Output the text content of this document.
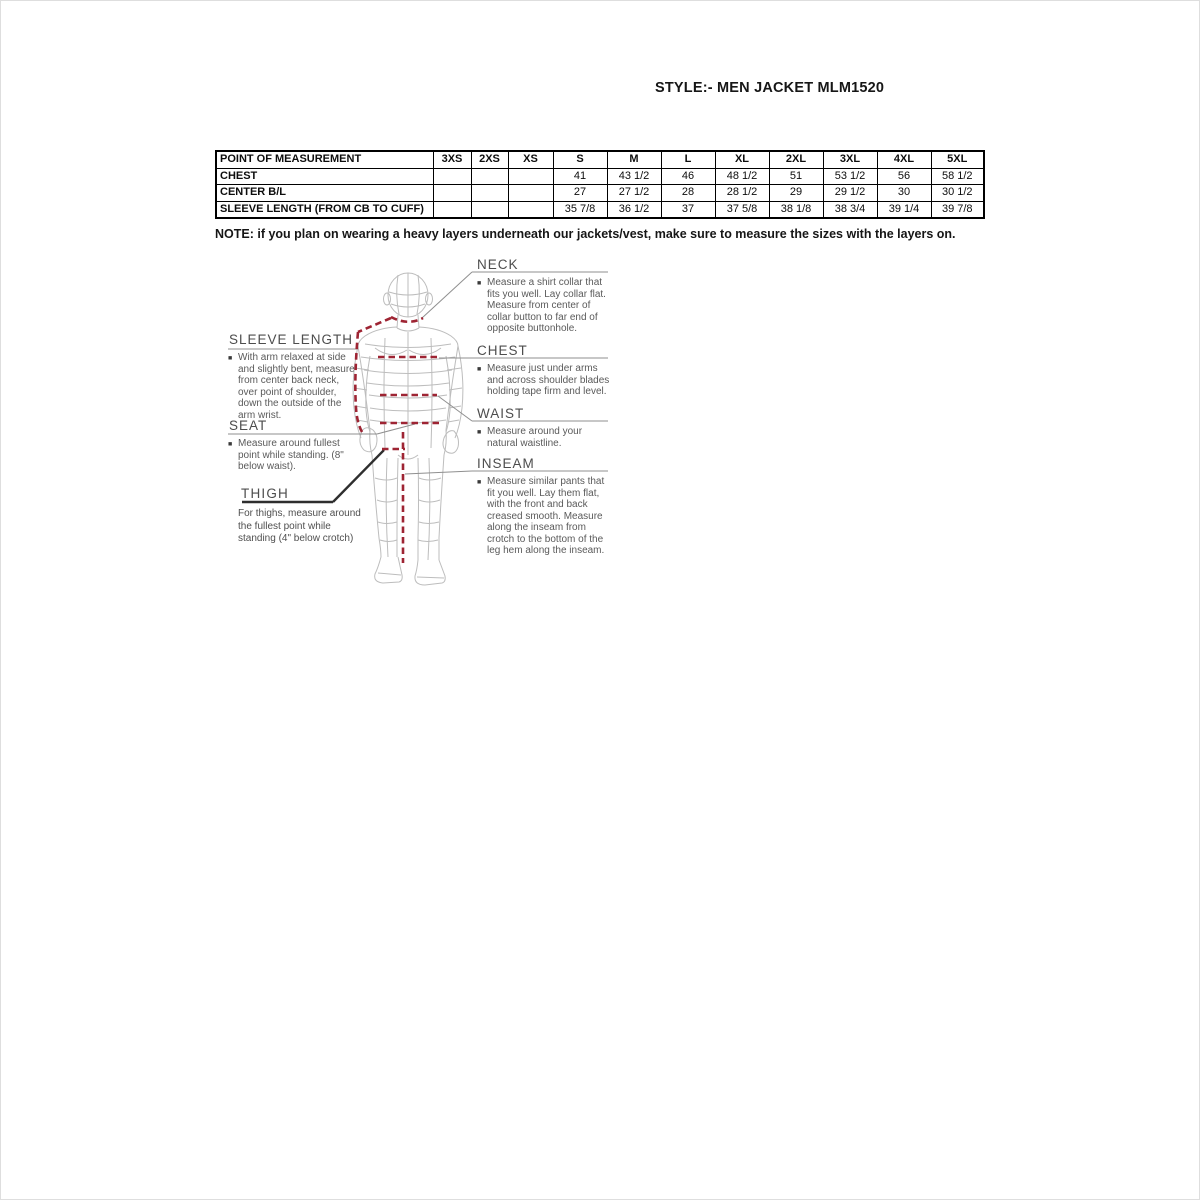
STYLE:- MEN JACKET MLM1520
POINT OF MEASUREMENT	3XS	2XS	XS	S	M	L	XL	2XL	3XL	4XL	5XL
CHEST				41	43 1/2	46	48 1/2	51	53 1/2	56	58 1/2
CENTER B/L				27	27 1/2	28	28 1/2	29	29 1/2	30	30 1/2
SLEEVE LENGTH (FROM CB TO CUFF)				35 7/8	36 1/2	37	37 5/8	38 1/8	38 3/4	39 1/4	39 7/8
NOTE: if you plan on wearing a heavy layers underneath our jackets/vest, make sure to measure the sizes with the layers on.
NECK
■ Measure a shirt collar that fits you well. Lay collar flat. Measure from center of collar button to far end of opposite buttonhole.
CHEST
■ Measure just under arms and across shoulder blades holding tape firm and level.
WAIST
■ Measure around your natural waistline.
INSEAM
■ Measure similar pants that fit you well. Lay them flat, with the front and back creased smooth. Measure along the inseam from crotch to the bottom of the leg hem along the inseam.
SLEEVE LENGTH
■ With arm relaxed at side and slightly bent, measure from center back neck, over point of shoulder, down the outside of the arm wrist.
SEAT
■ Measure around fullest point while standing. (8" below waist).
THIGH
For thighs, measure around the fullest point while standing (4" below crotch)
